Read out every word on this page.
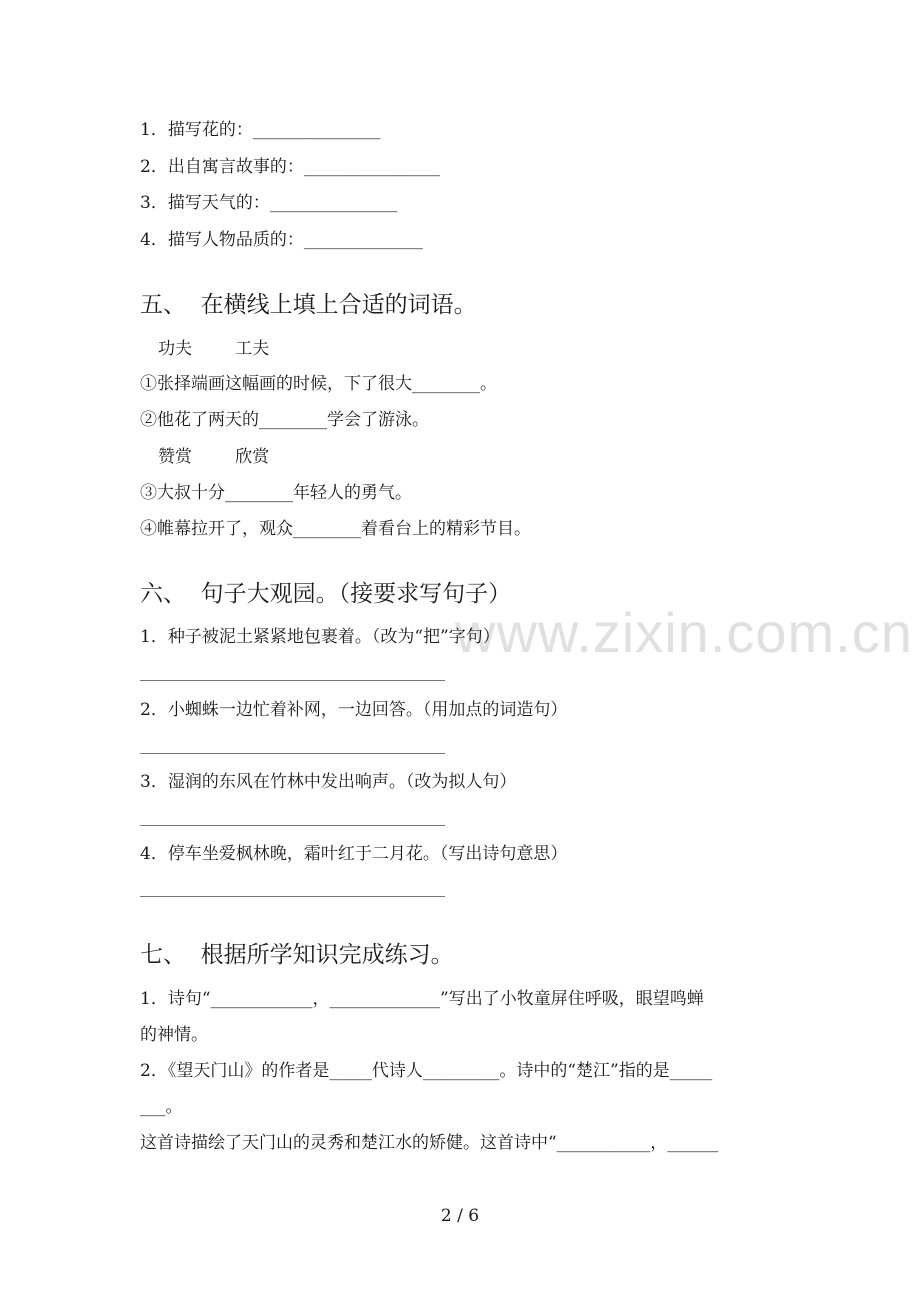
www.zixin.com.cn
1．描写花的：_______________
2．出自寓言故事的：________________
3．描写天气的：_______________
4．描写人物品质的：______________
五、  在横线上填上合适的词语。
功夫        工夫
①张择端画这幅画的时候，下了很大________。
②他花了两天的________学会了游泳。
赞赏        欣赏
③大叔十分________年轻人的勇气。
④帷幕拉开了，观众________着看台上的精彩节目。
六、  句子大观园。（接要求写句子）
1．种子被泥土紧紧地包裹着。（改为“把”字句）
2．小蜘蛛一边忙着补网，一边回答。（用加点的词造句）
3．湿润的东风在竹林中发出响声。（改为拟人句）
4．停车坐爱枫林晚，霜叶红于二月花。（写出诗句意思）
七、  根据所学知识完成练习。
1．诗句“____________，_____________”写出了小牧童屏住呼吸，眼望鸣蝉
的神情。
2．《望天门山》的作者是_____代诗人_________。诗中的“楚江”指的是_____
___。
这首诗描绘了天门山的灵秀和楚江水的矫健。这首诗中“___________，______
2 / 6
